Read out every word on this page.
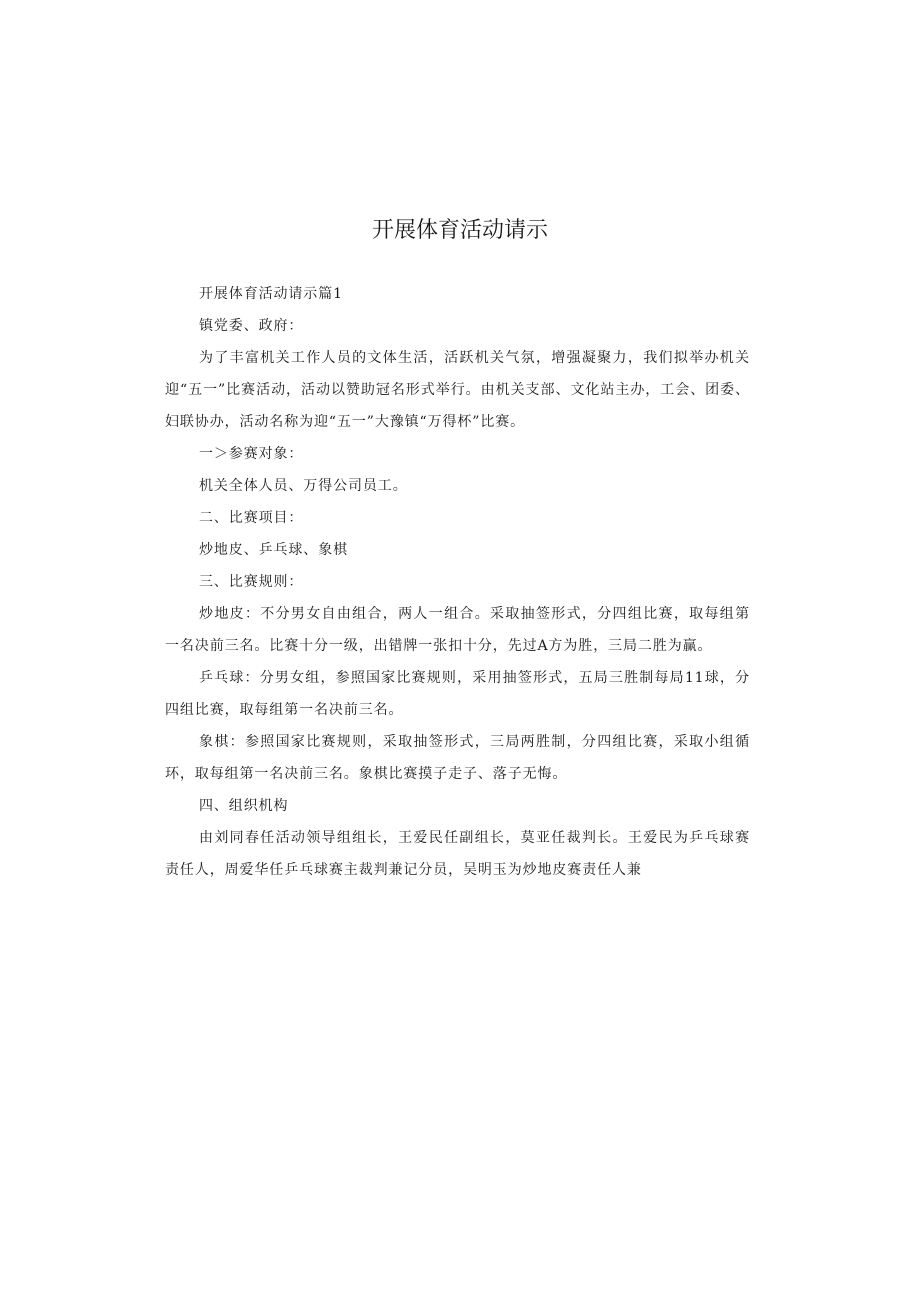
开展体育活动请示

开展体育活动请示篇1

镇党委、政府：

为了丰富机关工作人员的文体生活，活跃机关气氛，增强凝聚力，我们拟举办机关迎“五一”比赛活动，活动以赞助冠名形式举行。由机关支部、文化站主办，工会、团委、妇联协办，活动名称为迎“五一”大豫镇“万得杯”比赛。

一＞参赛对象：

机关全体人员、万得公司员工。

二、比赛项目：

炒地皮、乒乓球、象棋

三、比赛规则：

炒地皮：不分男女自由组合，两人一组合。采取抽签形式，分四组比赛，取每组第一名决前三名。比赛十分一级，出错牌一张扣十分，先过A方为胜，三局二胜为赢。

乒乓球：分男女组，参照国家比赛规则，采用抽签形式，五局三胜制每局11球，分四组比赛，取每组第一名决前三名。

象棋：参照国家比赛规则，采取抽签形式，三局两胜制，分四组比赛，采取小组循环，取每组第一名决前三名。象棋比赛摸子走子、落子无悔。

四、组织机构

由刘同春任活动领导组组长，王爱民任副组长，莫亚任裁判长。王爱民为乒乓球赛责任人，周爱华任乒乓球赛主裁判兼记分员，吴明玉为炒地皮赛责任人兼
